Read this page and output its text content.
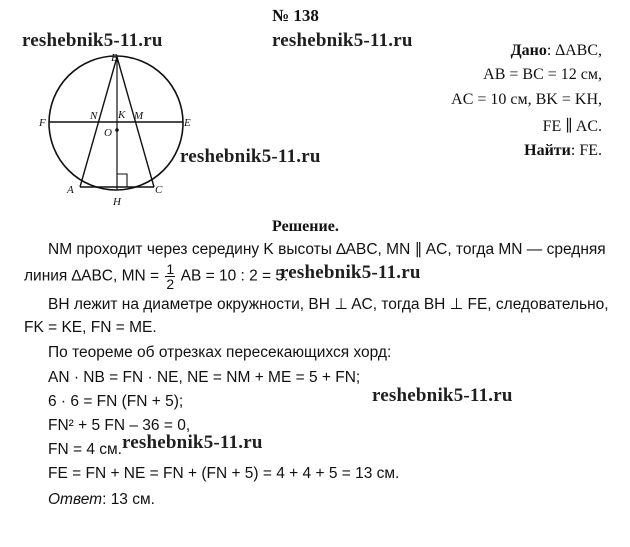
№ 138
reshebnik5-11.ru	reshebnik5-11.ru
reshebnik5-11.ru
reshebnik5-11.ru
reshebnik5-11.ru
reshebnik5-11.ru
B
F	E
N K M
O
A	C
H
Дано: ∆ABC,
AB = BC = 12 см,
AC = 10 см, BK = KH,
FE ∥ AC.
Найти: FE.
Решение.
NM проходит через середину K высоты ∆ABC, MN ∥ AC, тогда MN — средняя
линия ∆ABC, MN = $\frac{1}{2}$ AB = 10 : 2 = 5.
BH лежит на диаметре окружности, BH ⊥ AC, тогда BH ⊥ FE, следовательно,
FK = KE, FN = ME.
По теореме об отрезках пересекающихся хорд:
AN · NB = FN · NE, NE = NM + ME = 5 + FN;
6 · 6 = FN (FN + 5);
FN² + 5 FN – 36 = 0,
FN = 4 см.
FE = FN + NE = FN + (FN + 5) = 4 + 4 + 5 = 13 см.
Ответ: 13 см.
